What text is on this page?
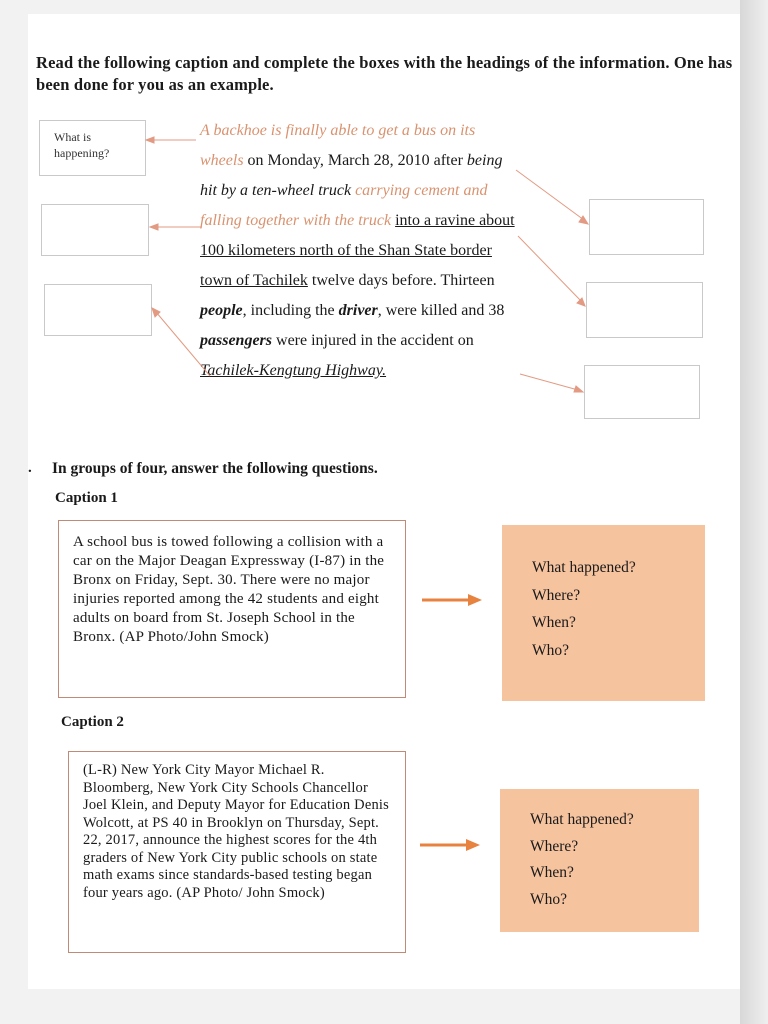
Read the following caption and complete the boxes with the headings of the information. One has been done for you as an example.
What is happening?
A backhoe is finally able to get a bus on its wheels on Monday, March 28, 2010 after being hit by a ten-wheel truck carrying cement and falling together with the truck into a ravine about 100 kilometers north of the Shan State border town of Tachilek twelve days before. Thirteen people, including the driver, were killed and 38 passengers were injured in the accident on Tachilek-Kengtung Highway.
. In groups of four, answer the following questions.
Caption 1
A school bus is towed following a collision with a car on the Major Deagan Expressway (I-87) in the Bronx on Friday, Sept. 30. There were no major injuries reported among the 42 students and eight adults on board from St. Joseph School in the Bronx. (AP Photo/John Smock)
What happened?
Where?
When?
Who?
Caption 2
(L-R) New York City Mayor Michael R. Bloomberg, New York City Schools Chancellor Joel Klein, and Deputy Mayor for Education Denis Wolcott, at PS 40 in Brooklyn on Thursday, Sept. 22, 2017, announce the highest scores for the 4th graders of New York City public schools on state math exams since standards-based testing began four years ago. (AP Photo/ John Smock)
What happened?
Where?
When?
Who?
